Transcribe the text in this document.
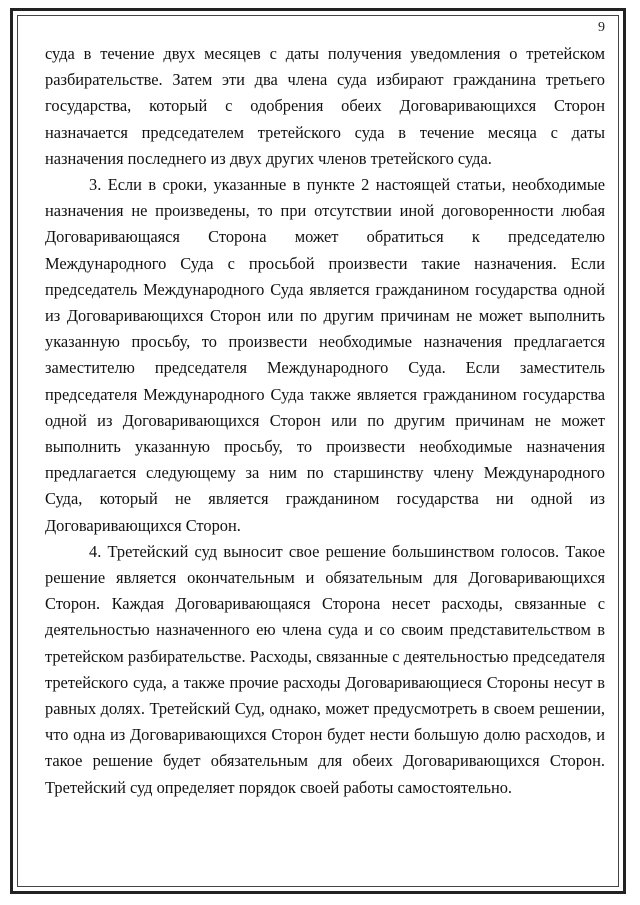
9

суда в течение двух месяцев с даты получения уведомления о третейском разбирательстве. Затем эти два члена суда избирают гражданина третьего государства, который с одобрения обеих Договаривающихся Сторон назначается председателем третейского суда в течение месяца с даты назначения последнего из двух других членов третейского суда.

3. Если в сроки, указанные в пункте 2 настоящей статьи, необходимые назначения не произведены, то при отсутствии иной договоренности любая Договаривающаяся Сторона может обратиться к председателю Международного Суда с просьбой произвести такие назначения. Если председатель Международного Суда является гражданином государства одной из Договаривающихся Сторон или по другим причинам не может выполнить указанную просьбу, то произвести необходимые назначения предлагается заместителю председателя Международного Суда. Если заместитель председателя Международного Суда также является гражданином государства одной из Договаривающихся Сторон или по другим причинам не может выполнить указанную просьбу, то произвести необходимые назначения предлагается следующему за ним по старшинству члену Международного Суда, который не является гражданином государства ни одной из Договаривающихся Сторон.

4. Третейский суд выносит свое решение большинством голосов. Такое решение является окончательным и обязательным для Договаривающихся Сторон. Каждая Договаривающаяся Сторона несет расходы, связанные с деятельностью назначенного ею члена суда и со своим представительством в третейском разбирательстве. Расходы, связанные с деятельностью председателя третейского суда, а также прочие расходы Договаривающиеся Стороны несут в равных долях. Третейский Суд, однако, может предусмотреть в своем решении, что одна из Договаривающихся Сторон будет нести большую долю расходов, и такое решение будет обязательным для обеих Договаривающихся Сторон. Третейский суд определяет порядок своей работы самостоятельно.
